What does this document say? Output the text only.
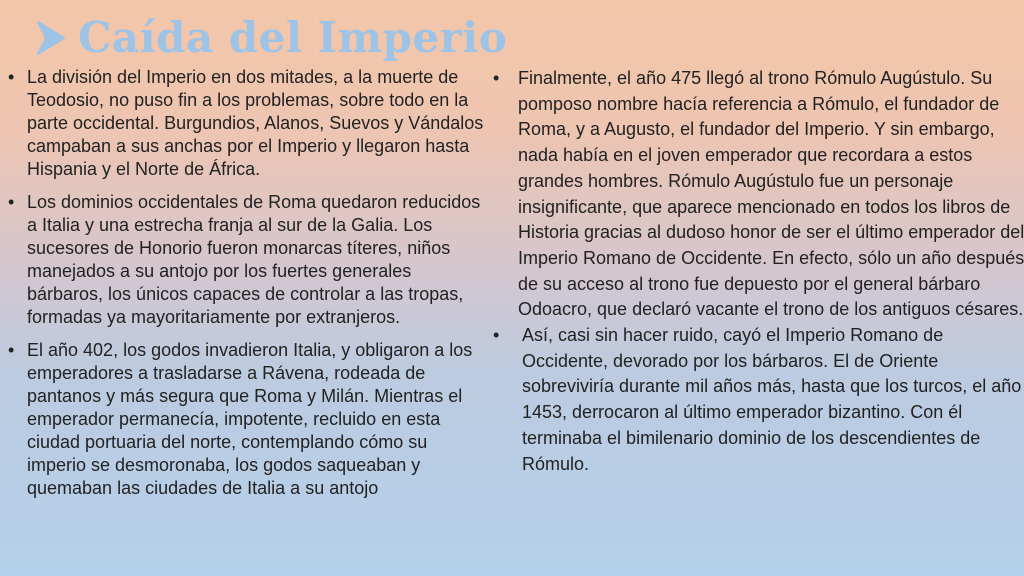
Caída del Imperio
• La división del Imperio en dos mitades, a la muerte de Teodosio, no puso fin a los problemas, sobre todo en la parte occidental. Burgundios, Alanos, Suevos y Vándalos campaban a sus anchas por el Imperio y llegaron hasta Hispania y el Norte de África.
• Los dominios occidentales de Roma quedaron reducidos a Italia y una estrecha franja al sur de la Galia. Los sucesores de Honorio fueron monarcas títeres, niños manejados a su antojo por los fuertes generales bárbaros, los únicos capaces de controlar a las tropas, formadas ya mayoritariamente por extranjeros.
• El año 402, los godos invadieron Italia, y obligaron a los emperadores a trasladarse a Rávena, rodeada de pantanos y más segura que Roma y Milán. Mientras el emperador permanecía, impotente, recluido en esta ciudad portuaria del norte, contemplando cómo su imperio se desmoronaba, los godos saqueaban y quemaban las ciudades de Italia a su antojo
• Finalmente, el año 475 llegó al trono Rómulo Augústulo. Su pomposo nombre hacía referencia a Rómulo, el fundador de Roma, y a Augusto, el fundador del Imperio. Y sin embargo, nada había en el joven emperador que recordara a estos grandes hombres. Rómulo Augústulo fue un personaje insignificante, que aparece mencionado en todos los libros de Historia gracias al dudoso honor de ser el último emperador del Imperio Romano de Occidente. En efecto, sólo un año después de su acceso al trono fue depuesto por el general bárbaro Odoacro, que declaró vacante el trono de los antiguos césares.
• Así, casi sin hacer ruido, cayó el Imperio Romano de Occidente, devorado por los bárbaros. El de Oriente sobreviviría durante mil años más, hasta que los turcos, el año 1453, derrocaron al último emperador bizantino. Con él terminaba el bimilenario dominio de los descendientes de Rómulo.
